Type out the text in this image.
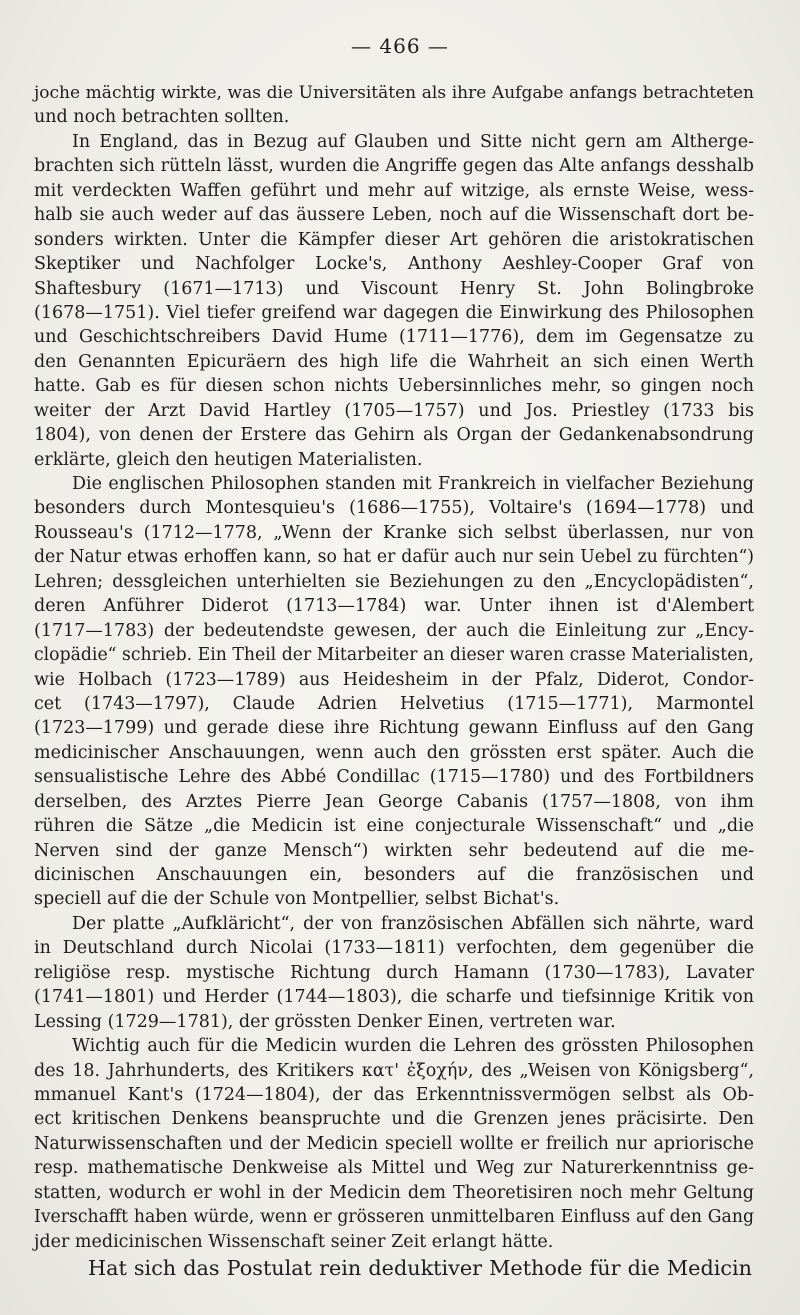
— 466 —
joche mächtig wirkte, was die Universitäten als ihre Aufgabe anfangs betrachteten
und noch betrachten sollten.
In England, das in Bezug auf Glauben und Sitte nicht gern am Altherge-
brachten sich rütteln lässt, wurden die Angriffe gegen das Alte anfangs desshalb
mit verdeckten Waffen geführt und mehr auf witzige, als ernste Weise, wess-
halb sie auch weder auf das äussere Leben, noch auf die Wissenschaft dort be-
sonders wirkten. Unter die Kämpfer dieser Art gehören die aristokratischen
Skeptiker und Nachfolger Locke's, Anthony Aeshley-Cooper Graf von
Shaftesbury (1671—1713) und Viscount Henry St. John Bolingbroke
(1678—1751). Viel tiefer greifend war dagegen die Einwirkung des Philosophen
und Geschichtschreibers David Hume (1711—1776), dem im Gegensatze zu
den Genannten Epicuräern des high life die Wahrheit an sich einen Werth
hatte. Gab es für diesen schon nichts Uebersinnliches mehr, so gingen noch
weiter der Arzt David Hartley (1705—1757) und Jos. Priestley (1733 bis
1804), von denen der Erstere das Gehirn als Organ der Gedankenabsondrung
erklärte, gleich den heutigen Materialisten.
Die englischen Philosophen standen mit Frankreich in vielfacher Beziehung
besonders durch Montesquieu's (1686—1755), Voltaire's (1694—1778) und
Rousseau's (1712—1778, „Wenn der Kranke sich selbst überlassen, nur von
der Natur etwas erhoffen kann, so hat er dafür auch nur sein Uebel zu fürchten“)
Lehren; dessgleichen unterhielten sie Beziehungen zu den „Encyclopädisten“,
deren Anführer Diderot (1713—1784) war. Unter ihnen ist d'Alembert
(1717—1783) der bedeutendste gewesen, der auch die Einleitung zur „Ency-
clopädie“ schrieb. Ein Theil der Mitarbeiter an dieser waren crasse Materialisten,
wie Holbach (1723—1789) aus Heidesheim in der Pfalz, Diderot, Condor-
cet (1743—1797), Claude Adrien Helvetius (1715—1771), Marmontel
(1723—1799) und gerade diese ihre Richtung gewann Einfluss auf den Gang
medicinischer Anschauungen, wenn auch den grössten erst später. Auch die
sensualistische Lehre des Abbé Condillac (1715—1780) und des Fortbildners
derselben, des Arztes Pierre Jean George Cabanis (1757—1808, von ihm
rühren die Sätze „die Medicin ist eine conjecturale Wissenschaft“ und „die
Nerven sind der ganze Mensch“) wirkten sehr bedeutend auf die me-
dicinischen Anschauungen ein, besonders auf die französischen und
speciell auf die der Schule von Montpellier, selbst Bichat's.
Der platte „Aufkläricht“, der von französischen Abfällen sich nährte, ward
in Deutschland durch Nicolai (1733—1811) verfochten, dem gegenüber die
religiöse resp. mystische Richtung durch Hamann (1730—1783), Lavater
(1741—1801) und Herder (1744—1803), die scharfe und tiefsinnige Kritik von
Lessing (1729—1781), der grössten Denker Einen, vertreten war.
Wichtig auch für die Medicin wurden die Lehren des grössten Philosophen
des 18. Jahrhunderts, des Kritikers κατ' ἐξοχήν, des „Weisen von Königsberg“,
mmanuel Kant's (1724—1804), der das Erkenntnissvermögen selbst als Ob-
ect kritischen Denkens beanspruchte und die Grenzen jenes präcisirte. Den
Naturwissenschaften und der Medicin speciell wollte er freilich nur apriorische
resp. mathematische Denkweise als Mittel und Weg zur Naturerkenntniss ge-
statten, wodurch er wohl in der Medicin dem Theoretisiren noch mehr Geltung
Iverschafft haben würde, wenn er grösseren unmittelbaren Einfluss auf den Gang
jder medicinischen Wissenschaft seiner Zeit erlangt hätte.
Hat sich das Postulat rein deduktiver Methode für die Medicin
